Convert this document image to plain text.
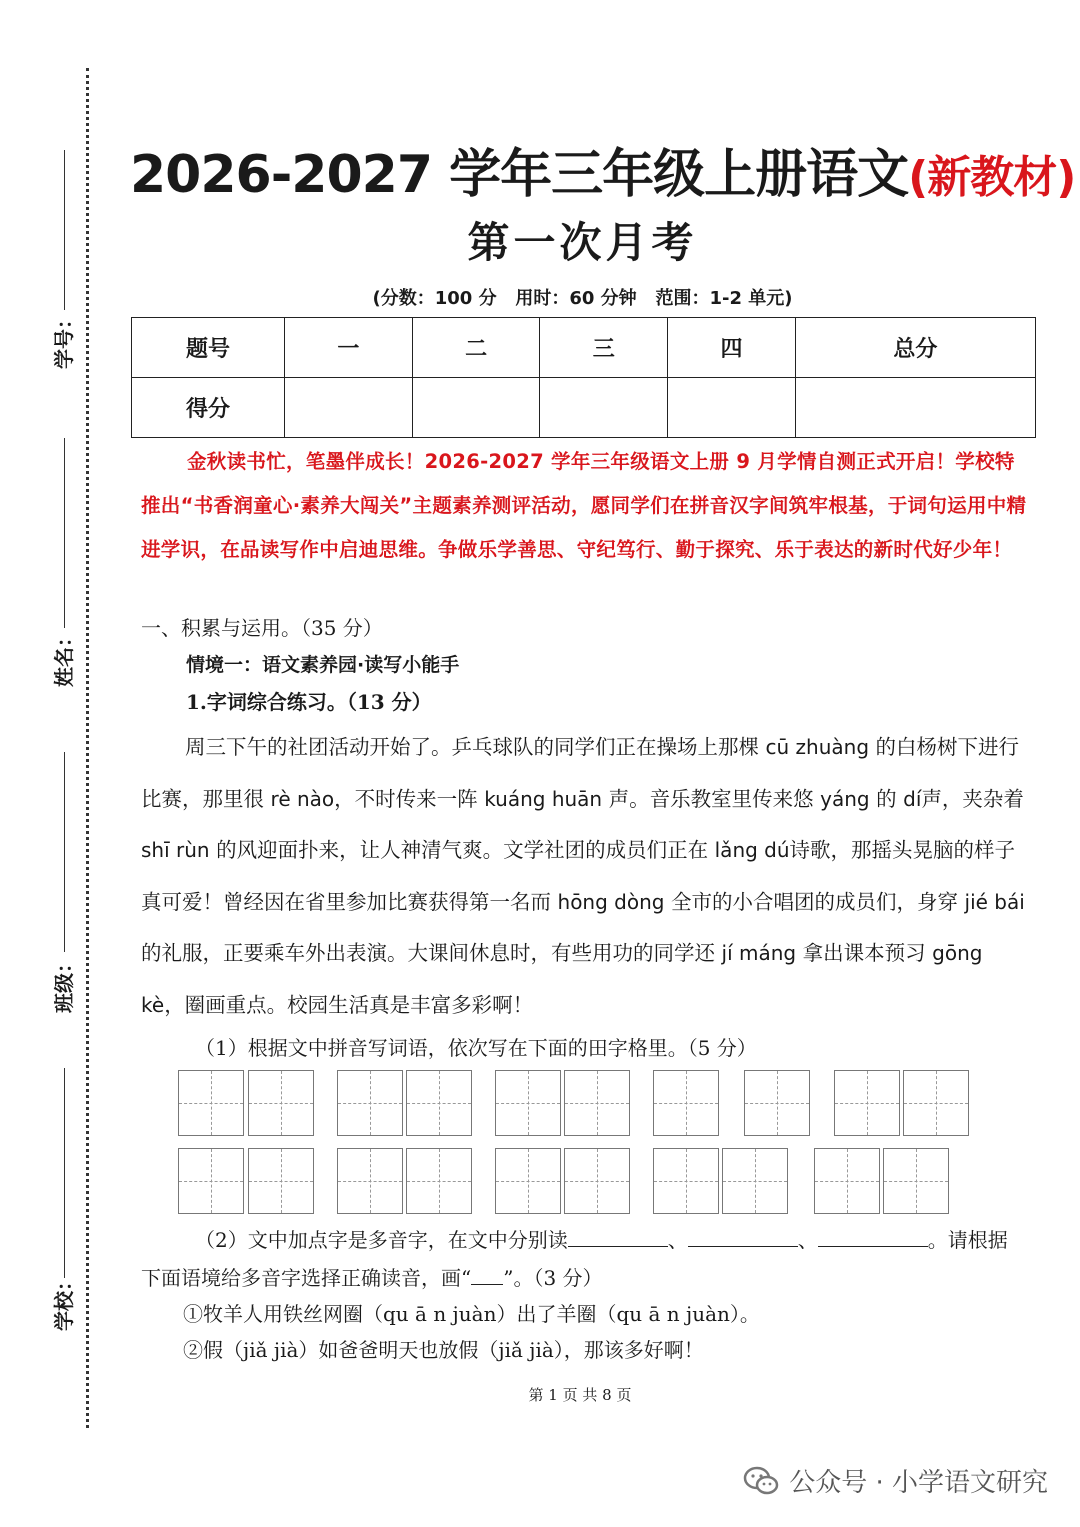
学号：
姓名：
班级：
学校：
2026-2027 学年三年级上册语文(新教材)
第一次月考
(分数：100 分   用时：60 分钟   范围：1-2 单元)
题号	一	二	三	四	总分
得分					
金秋读书忙，笔墨伴成长！2026-2027 学年三年级语文上册 9 月学情自测正式开启！学校特推出“书香润童心·素养大闯关”主题素养测评活动，愿同学们在拼音汉字间筑牢根基，于词句运用中精进学识，在品读写作中启迪思维。争做乐学善思、守纪笃行、勤于探究、乐于表达的新时代好少年！
一、积累与运用。（35 分）
情境一：语文素养园·读写小能手
1.字词综合练习。（13 分）
周三下午的社团活动开始了。乒乓球队的同学们正在操场上那棵 cū zhuàng 的白杨树下进行比赛，那里很 rè nào，不时传来一阵 kuáng huān 声。音乐教室里传来悠 yáng 的 dí声，夹杂着 shī rùn 的风迎面扑来，让人神清气爽。文学社团的成员们正在 lǎng dú诗歌，那摇头晃脑的样子真可爱！曾经因在省里参加比赛获得第一名而 hōng dòng 全市的小合唱团的成员们，身穿 jié bái 的礼服，正要乘车外出表演。大课间休息时，有些用功的同学还 jí máng 拿出课本预习 gōng kè，圈画重点。校园生活真是丰富多彩啊！
（1）根据文中拼音写词语，依次写在下面的田字格里。（5 分）
（2）文中加点字是多音字，在文中分别读	、	、	。请根据
下面语境给多音字选择正确读音，画“ ”。（3 分）
①牧羊人用铁丝网圈（qu ā n juàn）出了羊圈（qu ā n juàn）。
②假（jiǎ jià）如爸爸明天也放假（jiǎ jià），那该多好啊！
第 1 页 共 8 页
公众号 · 小学语文研究
